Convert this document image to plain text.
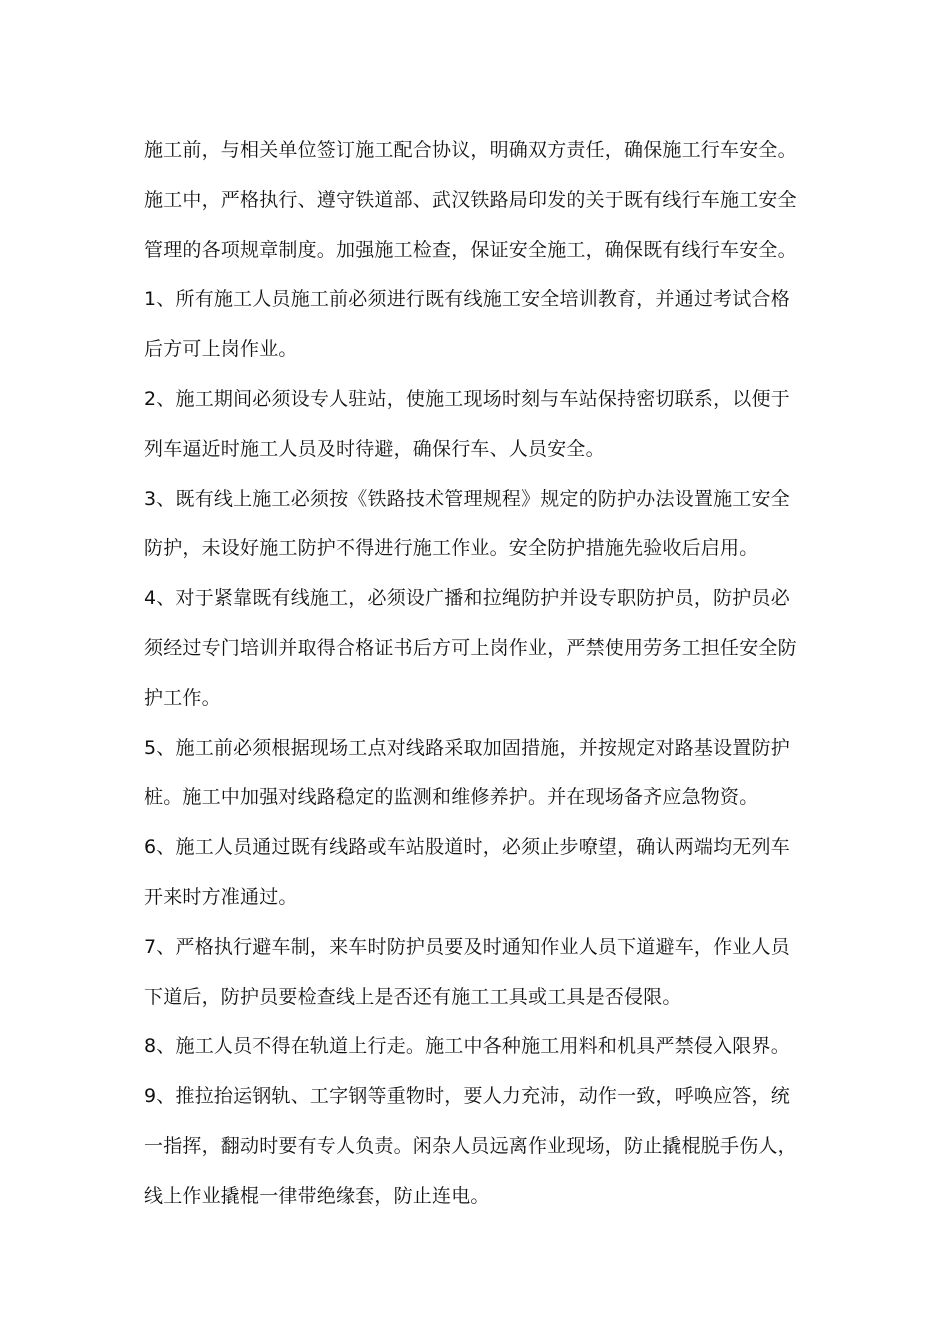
施工前，与相关单位签订施工配合协议，明确双方责任，确保施工行车安全。
施工中，严格执行、遵守铁道部、武汉铁路局印发的关于既有线行车施工安全
管理的各项规章制度。加强施工检查，保证安全施工，确保既有线行车安全。
1、所有施工人员施工前必须进行既有线施工安全培训教育，并通过考试合格
后方可上岗作业。
2、施工期间必须设专人驻站，使施工现场时刻与车站保持密切联系，以便于
列车逼近时施工人员及时待避，确保行车、人员安全。
3、既有线上施工必须按《铁路技术管理规程》规定的防护办法设置施工安全
防护，未设好施工防护不得进行施工作业。安全防护措施先验收后启用。
4、对于紧靠既有线施工，必须设广播和拉绳防护并设专职防护员，防护员必
须经过专门培训并取得合格证书后方可上岗作业，严禁使用劳务工担任安全防
护工作。
5、施工前必须根据现场工点对线路采取加固措施，并按规定对路基设置防护
桩。施工中加强对线路稳定的监测和维修养护。并在现场备齐应急物资。
6、施工人员通过既有线路或车站股道时，必须止步嘹望，确认两端均无列车
开来时方准通过。
7、严格执行避车制，来车时防护员要及时通知作业人员下道避车，作业人员
下道后，防护员要检查线上是否还有施工工具或工具是否侵限。
8、施工人员不得在轨道上行走。施工中各种施工用料和机具严禁侵入限界。
9、推拉抬运钢轨、工字钢等重物时，要人力充沛，动作一致，呼唤应答，统
一指挥，翻动时要有专人负责。闲杂人员远离作业现场，防止撬棍脱手伤人，
线上作业撬棍一律带绝缘套，防止连电。
